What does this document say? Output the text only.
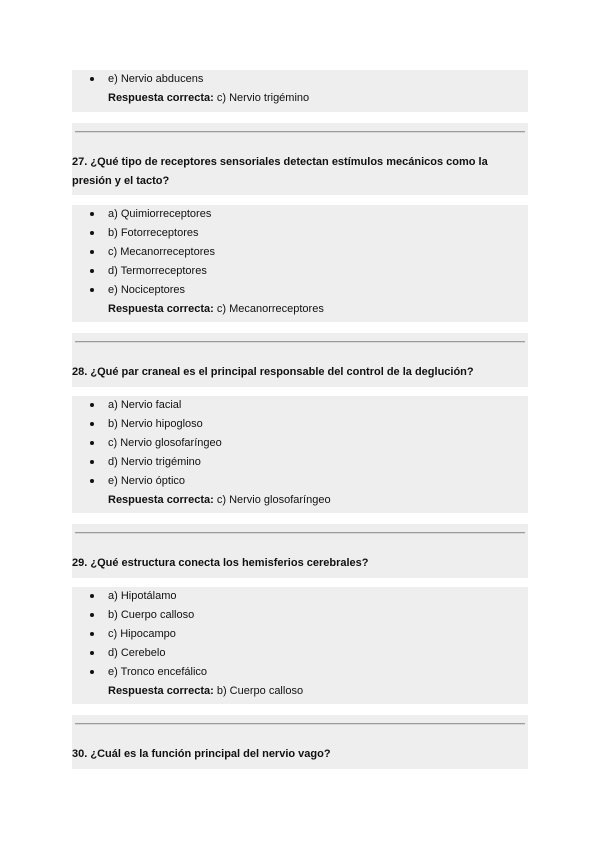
e) Nervio abducens
Respuesta correcta: c) Nervio trigémino
27. ¿Qué tipo de receptores sensoriales detectan estímulos mecánicos como la presión y el tacto?
a) Quimiorreceptores
b) Fotorreceptores
c) Mecanorreceptores
d) Termorreceptores
e) Nociceptores
Respuesta correcta: c) Mecanorreceptores
28. ¿Qué par craneal es el principal responsable del control de la deglución?
a) Nervio facial
b) Nervio hipogloso
c) Nervio glosofaríngeo
d) Nervio trigémino
e) Nervio óptico
Respuesta correcta: c) Nervio glosofaríngeo
29. ¿Qué estructura conecta los hemisferios cerebrales?
a) Hipotálamo
b) Cuerpo calloso
c) Hipocampo
d) Cerebelo
e) Tronco encefálico
Respuesta correcta: b) Cuerpo calloso
30. ¿Cuál es la función principal del nervio vago?
